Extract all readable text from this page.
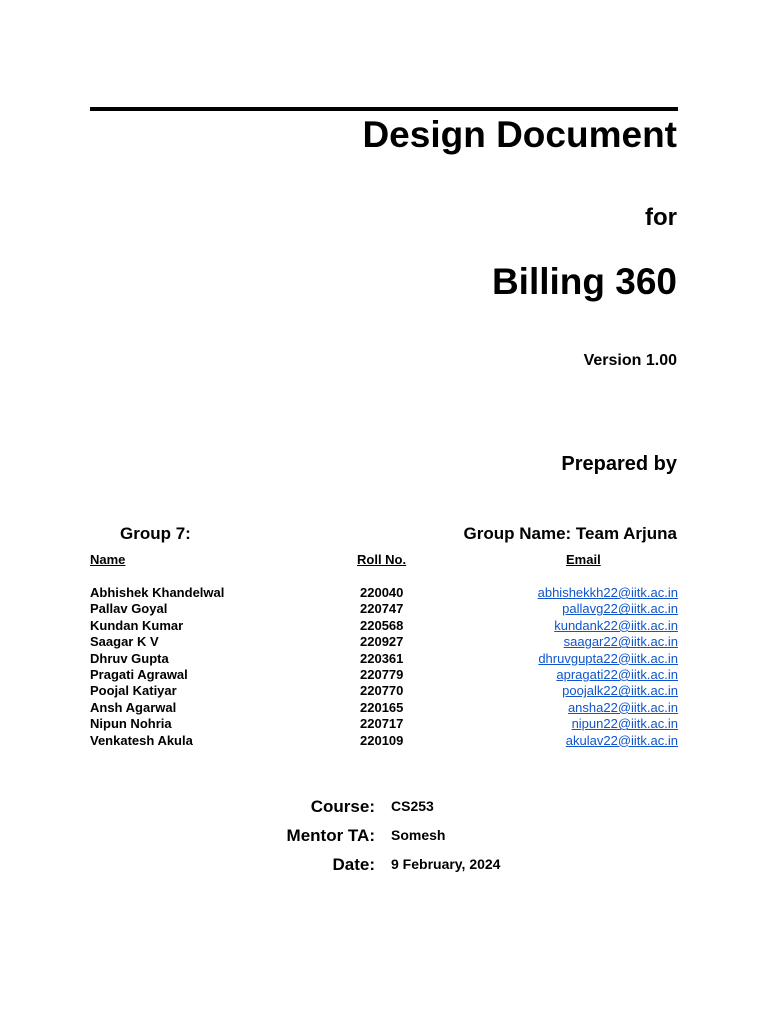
Design Document
for
Billing 360
Version 1.00
Prepared by
Group 7:	Group Name: Team Arjuna
Name	Roll No.	Email
Abhishek Khandelwal	220040	abhishekkh22@iitk.ac.in
Pallav Goyal	220747	pallavg22@iitk.ac.in
Kundan Kumar	220568	kundank22@iitk.ac.in
Saagar K V	220927	saagar22@iitk.ac.in
Dhruv Gupta	220361	dhruvgupta22@iitk.ac.in
Pragati Agrawal	220779	apragati22@iitk.ac.in
Poojal Katiyar	220770	poojalk22@iitk.ac.in
Ansh Agarwal	220165	ansha22@iitk.ac.in
Nipun Nohria	220717	nipun22@iitk.ac.in
Venkatesh Akula	220109	akulav22@iitk.ac.in
Course: CS253
Mentor TA: Somesh
Date: 9 February, 2024
